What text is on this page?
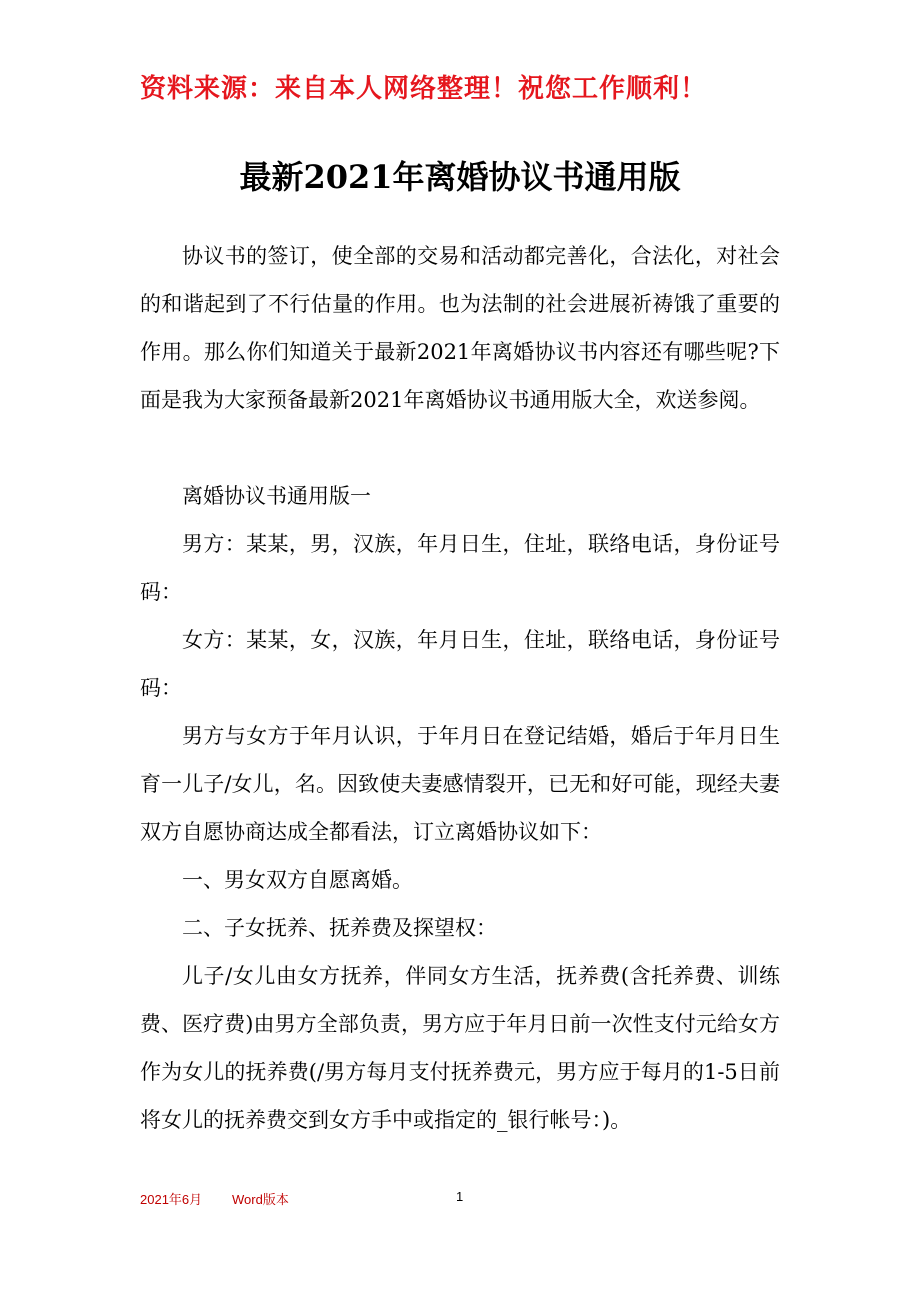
资料来源：来自本人网络整理！祝您工作顺利！
最新2021年离婚协议书通用版

协议书的签订，使全部的交易和活动都完善化，合法化，对社会的和谐起到了不行估量的作用。也为法制的社会进展祈祷饿了重要的作用。那么你们知道关于最新2021年离婚协议书内容还有哪些呢?下面是我为大家预备最新2021年离婚协议书通用版大全，欢送参阅。

离婚协议书通用版一

男方：某某，男，汉族，年月日生，住址，联络电话，身份证号码：

女方：某某，女，汉族，年月日生，住址，联络电话，身份证号码：

男方与女方于年月认识，于年月日在登记结婚，婚后于年月日生育一儿子/女儿，名。因致使夫妻感情裂开，已无和好可能，现经夫妻双方自愿协商达成全都看法，订立离婚协议如下：

一、男女双方自愿离婚。

二、子女抚养、抚养费及探望权：

儿子/女儿由女方抚养，伴同女方生活，抚养费(含托养费、训练费、医疗费)由男方全部负责，男方应于年月日前一次性支付元给女方作为女儿的抚养费(/男方每月支付抚养费元，男方应于每月的1-5日前将女儿的抚养费交到女方手中或指定的_银行帐号：)。

2021年6月 Word版本	1
